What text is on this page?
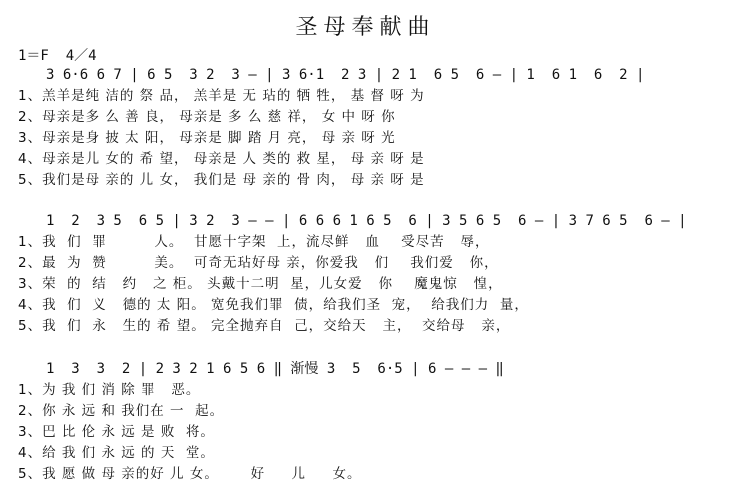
圣母奉献曲
1＝F  4／4
3 6·6 6 7 | 6 5  3 2  3 — | 3 6·1  2 3 | 2 1  6 5  6 — | 1  6 1  6  2 |
1、羔羊是纯 洁的 祭 品， 羔羊是 无 玷的 牺 牲， 基 督 呀 为
2、母亲是多 么 善 良， 母亲是 多 么 慈 祥， 女 中 呀 你
3、母亲是身 披 太 阳， 母亲是 脚 踏 月 亮， 母 亲 呀 光
4、母亲是儿 女的 希 望， 母亲是 人 类的 救 星， 母 亲 呀 是
5、我们是母 亲的 儿 女， 我们是 母 亲的 骨 肉， 母 亲 呀 是
1  2  3 5  6 5 | 3 2  3 — — | 6 6 6 1 6 5  6 | 3 5 6 5  6 — | 3 7 6 5  6 — |
1、我  们  罪         人。  甘愿十字架  上，流尽鲜   血    受尽苦   辱，
2、最  为  赞         美。  可奇无玷好母 亲，你爱我   们    我们爱   你，
3、荣  的  结   约   之 柜。 头戴十二明  星，儿女爱   你    魔鬼惊   惶，
4、我  们  义   德的 太 阳。 宽免我们罪  债，给我们圣  宠，  给我们力  量，
5、我  们  永   生的 希 望。 完全抛弃自  己，交给天   主，  交给母   亲，
1  3  3  2 | 2 3 2 1 6 5 6 ‖ 渐慢 3  5  6·5 | 6 — — — ‖
1、为 我 们 消 除 罪   恶。
2、你 永 远 和 我们在 一  起。
3、巴 比 伦 永 远 是 败  将。
4、给 我 们 永 远 的 天  堂。
5、我 愿 做 母 亲的好 儿 女。      好     儿     女。
